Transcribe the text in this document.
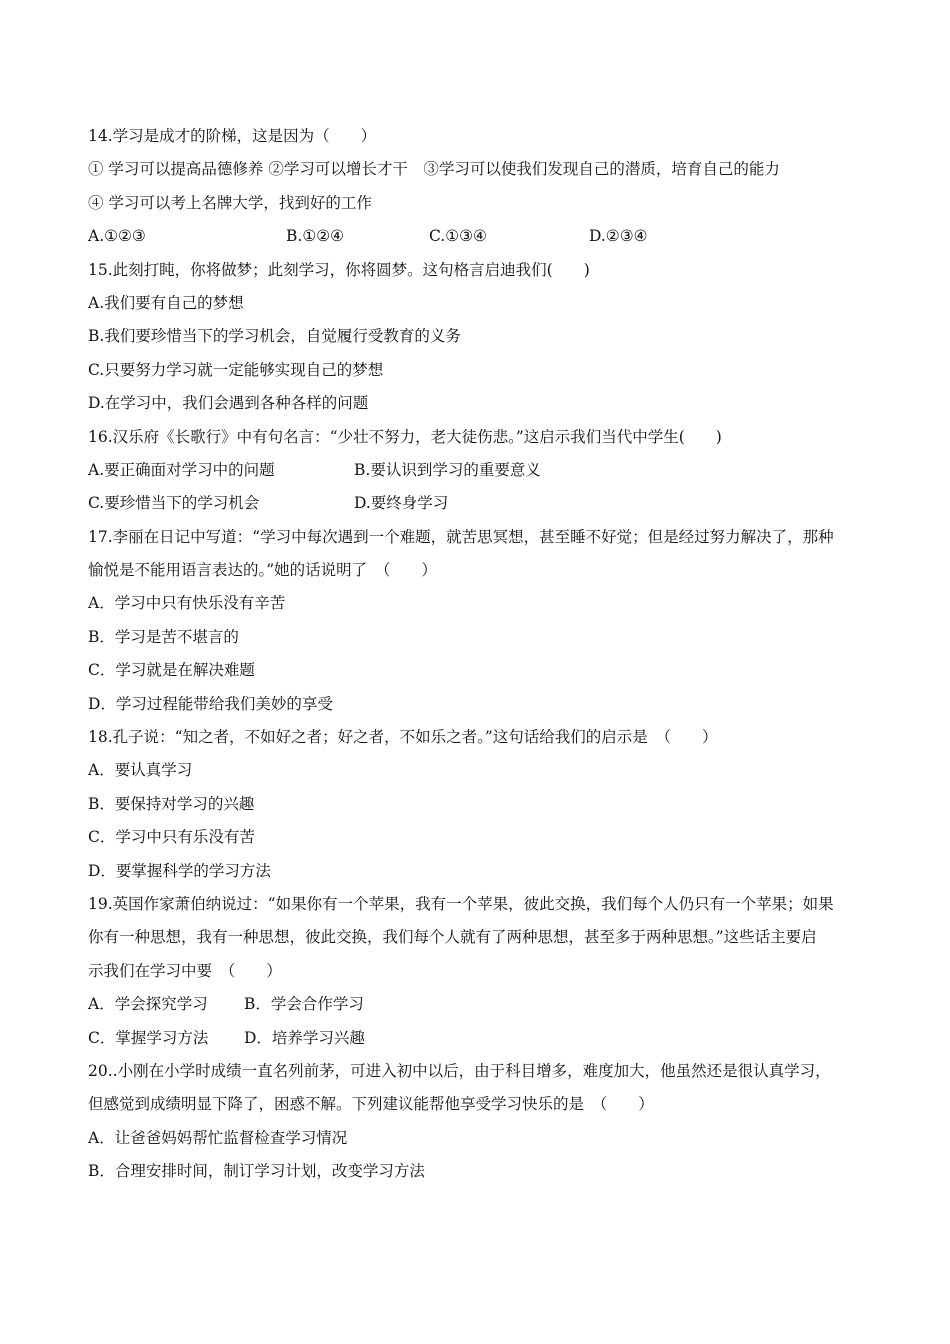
14.学习是成才的阶梯，这是因为（　　）
① 学习可以提高品德修养 ②学习可以增长才干　③学习可以使我们发现自己的潜质，培育自己的能力
④ 学习可以考上名牌大学，找到好的工作
A.①②③	B.①②④	C.①③④	D.②③④
15.此刻打盹，你将做梦；此刻学习，你将圆梦。这句格言启迪我们(　　)
A.我们要有自己的梦想
B.我们要珍惜当下的学习机会，自觉履行受教育的义务
C.只要努力学习就一定能够实现自己的梦想
D.在学习中，我们会遇到各种各样的问题
16.汉乐府《长歌行》中有句名言：“少壮不努力，老大徒伤悲。”这启示我们当代中学生(　　)
A.要正确面对学习中的问题	B.要认识到学习的重要意义
C.要珍惜当下的学习机会	D.要终身学习
17.李丽在日记中写道：“学习中每次遇到一个难题，就苦思冥想，甚至睡不好觉；但是经过努力解决了，那种
愉悦是不能用语言表达的。”她的话说明了　（　　）
A．学习中只有快乐没有辛苦
B．学习是苦不堪言的
C．学习就是在解决难题
D．学习过程能带给我们美妙的享受
18.孔子说：“知之者，不如好之者；好之者，不如乐之者。”这句话给我们的启示是　（　　）
A．要认真学习
B．要保持对学习的兴趣
C．学习中只有乐没有苦
D．要掌握科学的学习方法
19.英国作家萧伯纳说过：“如果你有一个苹果，我有一个苹果，彼此交换，我们每个人仍只有一个苹果；如果
你有一种思想，我有一种思想，彼此交换，我们每个人就有了两种思想，甚至多于两种思想。”这些话主要启
示我们在学习中要　（　　）
A．学会探究学习	B．学会合作学习
C．掌握学习方法	D．培养学习兴趣
20..小刚在小学时成绩一直名列前茅，可进入初中以后，由于科目增多，难度加大，他虽然还是很认真学习，
但感觉到成绩明显下降了，困惑不解。下列建议能帮他享受学习快乐的是　（　　）
A．让爸爸妈妈帮忙监督检查学习情况
B．合理安排时间，制订学习计划，改变学习方法
